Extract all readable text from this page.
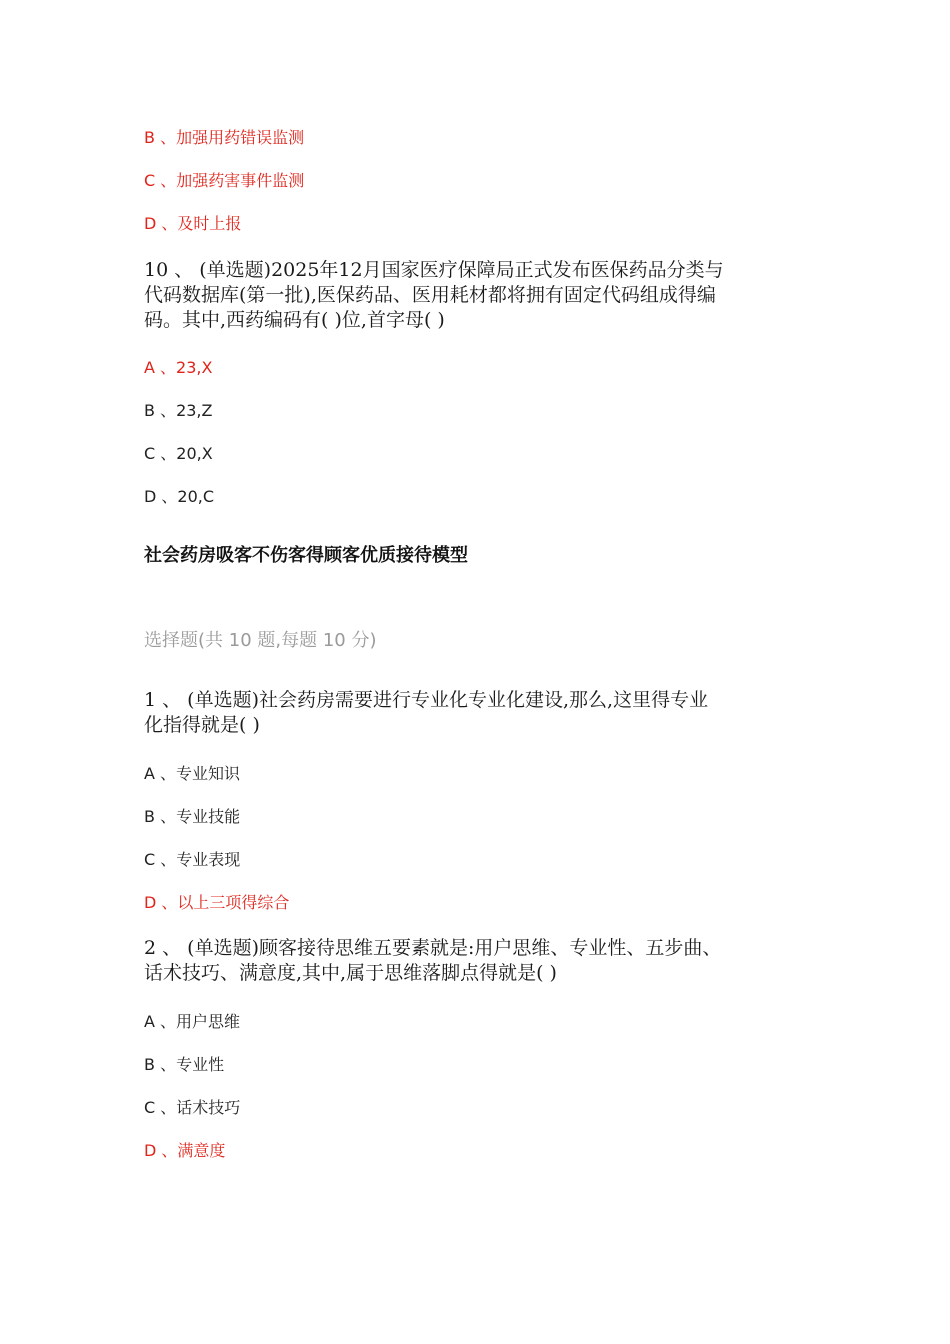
B 、加强用药错误监测
C 、加强药害事件监测
D 、及时上报
10 、 (单选题)2025年12月国家医疗保障局正式发布医保药品分类与
代码数据库(第一批),医保药品、医用耗材都将拥有固定代码组成得编
码。其中,西药编码有( )位,首字母( )
A 、23,X
B 、23,Z
C 、20,X
D 、20,C
社会药房吸客不伤客得顾客优质接待模型
选择题(共 10 题,每题 10 分)
1 、 (单选题)社会药房需要进行专业化专业化建设,那么,这里得专业
化指得就是( )
A 、专业知识
B 、专业技能
C 、专业表现
D 、以上三项得综合
2 、 (单选题)顾客接待思维五要素就是:用户思维、专业性、五步曲、
话术技巧、满意度,其中,属于思维落脚点得就是( )
A 、用户思维
B 、专业性
C 、话术技巧
D 、满意度
